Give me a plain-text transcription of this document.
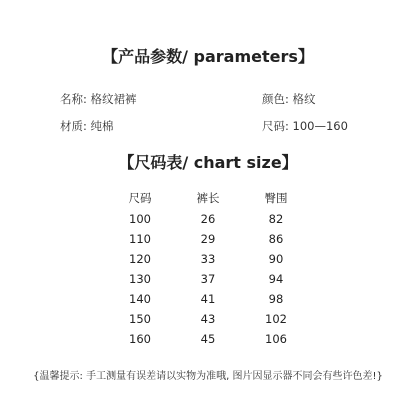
【产品参数/ parameters】
名称: 格纹裙裤	颜色: 格纹
材质: 纯棉	尺码: 100—160
【尺码表/ chart size】
尺码	裤长	臀围
100	26	82
110	29	86
120	33	90
130	37	94
140	41	98
150	43	102
160	45	106
{温馨提示: 手工测量有误差请以实物为准哦, 图片因显示器不同会有些许色差!}
